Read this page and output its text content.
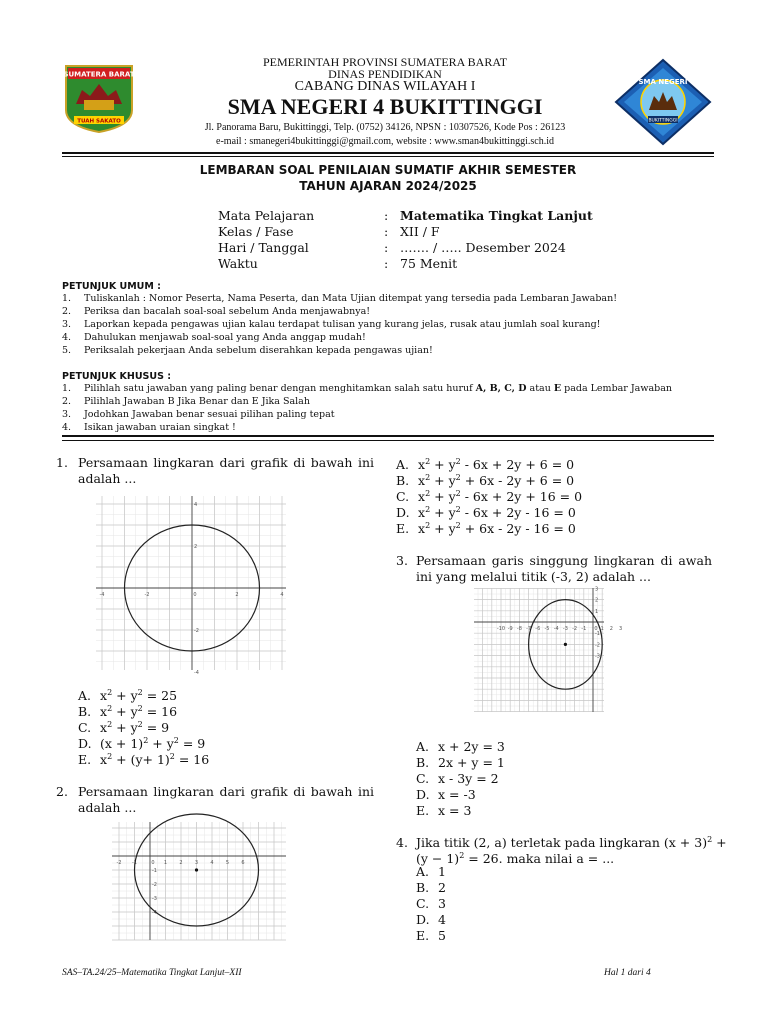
SUMATERA BARAT
TUAH SAKATO
SMA NEGERI
BUKITTINGGI
PEMERINTAH PROVINSI SUMATERA BARAT
DINAS PENDIDIKAN
CABANG DINAS WILAYAH I
SMA NEGERI 4 BUKITTINGGI
Jl. Panorama Baru, Bukittinggi, Telp. (0752) 34126, NPSN : 10307526, Kode Pos : 26123
e-mail : smanegeri4bukittinggi@gmail.com, website : www.sman4bukittinggi.sch.id
LEMBARAN SOAL PENILAIAN SUMATIF AKHIR SEMESTER
TAHUN AJARAN 2024/2025
Mata Pelajaran	: Matematika Tingkat Lanjut
Kelas / Fase	: XII / F
Hari / Tanggal	: ……. / ….. Desember 2024
Waktu	: 75 Menit
PETUNJUK UMUM :
1. Tuliskanlah : Nomor Peserta, Nama Peserta, dan Mata Ujian ditempat yang tersedia pada Lembaran Jawaban!
2. Periksa dan bacalah soal-soal sebelum Anda menjawabnya!
3. Laporkan kepada pengawas ujian kalau terdapat tulisan yang kurang jelas, rusak atau jumlah soal kurang!
4. Dahulukan menjawab soal-soal yang Anda anggap mudah!
5. Periksalah pekerjaan Anda sebelum diserahkan kepada pengawas ujian!
PETUNJUK KHUSUS :
1. Pilihlah satu jawaban yang paling benar dengan menghitamkan salah satu huruf A, B, C, D atau E pada Lembar Jawaban
2. Pilihlah Jawaban B Jika Benar dan E Jika Salah
3. Jodohkan Jawaban benar sesuai pilihan paling tepat
4. Isikan jawaban uraian singkat !
1. Persamaan lingkaran dari grafik di bawah ini adalah ...
-4	-2	0	2	4
4
2
-2
-4
A. $x^2 + y^2 = 25$
B. $x^2 + y^2 = 16$
C. $x^2 + y^2 = 9$
D. $(x + 1)^2 + y^2 = 9$
E. $x^2 + (y+ 1)^2 = 16$
2. Persamaan lingkaran dari grafik di bawah ini adalah ...
-2 -1	0 1 2 3 4 5 6
-1
-2
-3
-4
A. $x^2 + y^2 - 6x + 2y + 6 = 0$
B. $x^2 + y^2 + 6x - 2y + 6 = 0$
C. $x^2 + y^2 - 6x + 2y + 16 = 0$
D. $x^2 + y^2 - 6x + 2y - 16 = 0$
E. $x^2 + y^2 + 6x - 2y - 16 = 0$
3. Persamaan garis singgung lingkaran di awah ini yang melalui titik (-3, 2) adalah ...
-10 -9 -8 -7 -6 -5 -4 -3 -2 -1 0 1 2 3
3
2
1
-1
-2
-3
A. x + 2y = 3
B. 2x + y = 1
C. x - 3y = 2
D. x = -3
E. x = 3
4. Jika titik (2, a) terletak pada lingkaran $(x + 3)^2$ +
$(y - 1)^2 = 26$. maka nilai a = ...
A. 1
B. 2
C. 3
D. 4
E. 5
SAS–TA.24/25–Matematika Tingkat Lanjut–XII	Hal 1 dari 4
